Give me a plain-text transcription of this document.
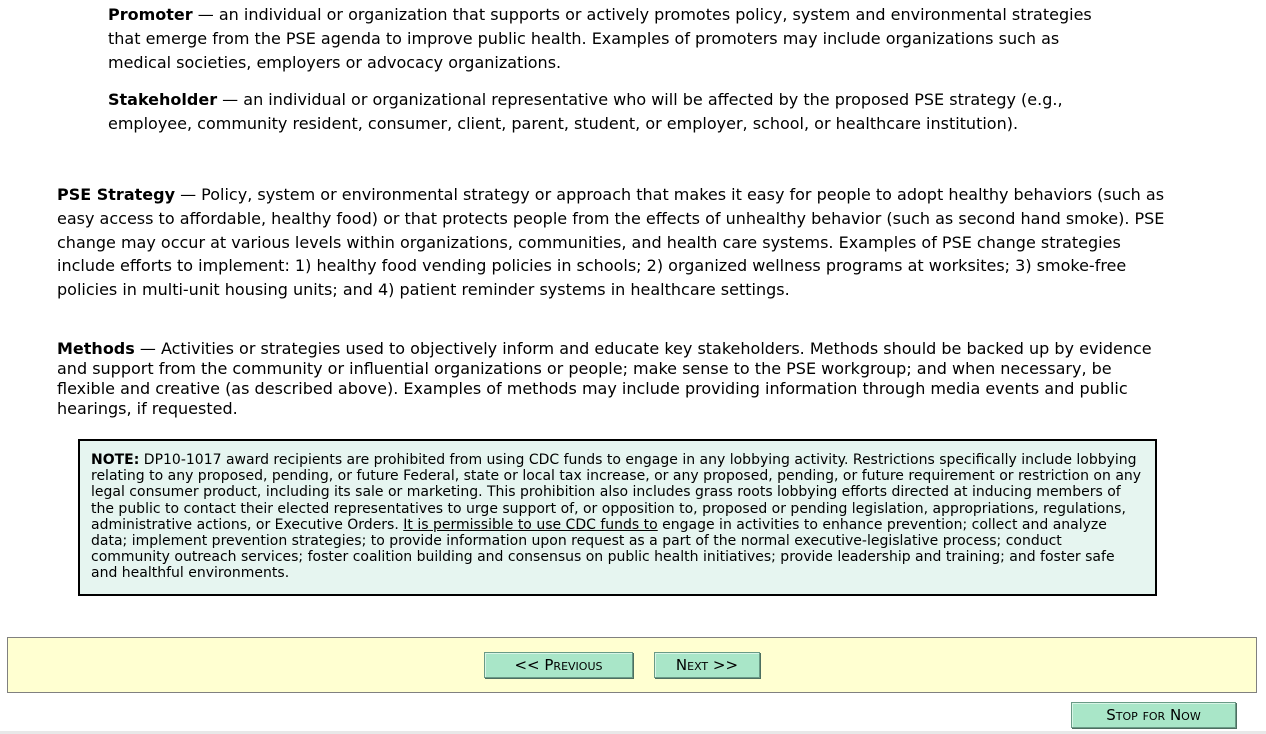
Promoter — an individual or organization that supports or actively promotes policy, system and environmental strategies that emerge from the PSE agenda to improve public health. Examples of promoters may include organizations such as medical societies, employers or advocacy organizations.

Stakeholder — an individual or organizational representative who will be affected by the proposed PSE strategy (e.g., employee, community resident, consumer, client, parent, student, or employer, school, or healthcare institution).

PSE Strategy — Policy, system or environmental strategy or approach that makes it easy for people to adopt healthy behaviors (such as easy access to affordable, healthy food) or that protects people from the effects of unhealthy behavior (such as second hand smoke). PSE change may occur at various levels within organizations, communities, and health care systems. Examples of PSE change strategies include efforts to implement: 1) healthy food vending policies in schools; 2) organized wellness programs at worksites; 3) smoke-free policies in multi-unit housing units; and 4) patient reminder systems in healthcare settings.

Methods — Activities or strategies used to objectively inform and educate key stakeholders. Methods should be backed up by evidence and support from the community or influential organizations or people; make sense to the PSE workgroup; and when necessary, be flexible and creative (as described above). Examples of methods may include providing information through media events and public hearings, if requested.

NOTE: DP10-1017 award recipients are prohibited from using CDC funds to engage in any lobbying activity. Restrictions specifically include lobbying relating to any proposed, pending, or future Federal, state or local tax increase, or any proposed, pending, or future requirement or restriction on any legal consumer product, including its sale or marketing. This prohibition also includes grass roots lobbying efforts directed at inducing members of the public to contact their elected representatives to urge support of, or opposition to, proposed or pending legislation, appropriations, regulations, administrative actions, or Executive Orders. It is permissible to use CDC funds to engage in activities to enhance prevention; collect and analyze data; implement prevention strategies; to provide information upon request as a part of the normal executive-legislative process; conduct community outreach services; foster coalition building and consensus on public health initiatives; provide leadership and training; and foster safe and healthful environments.
<< Previous	Next >>
Stop for Now
